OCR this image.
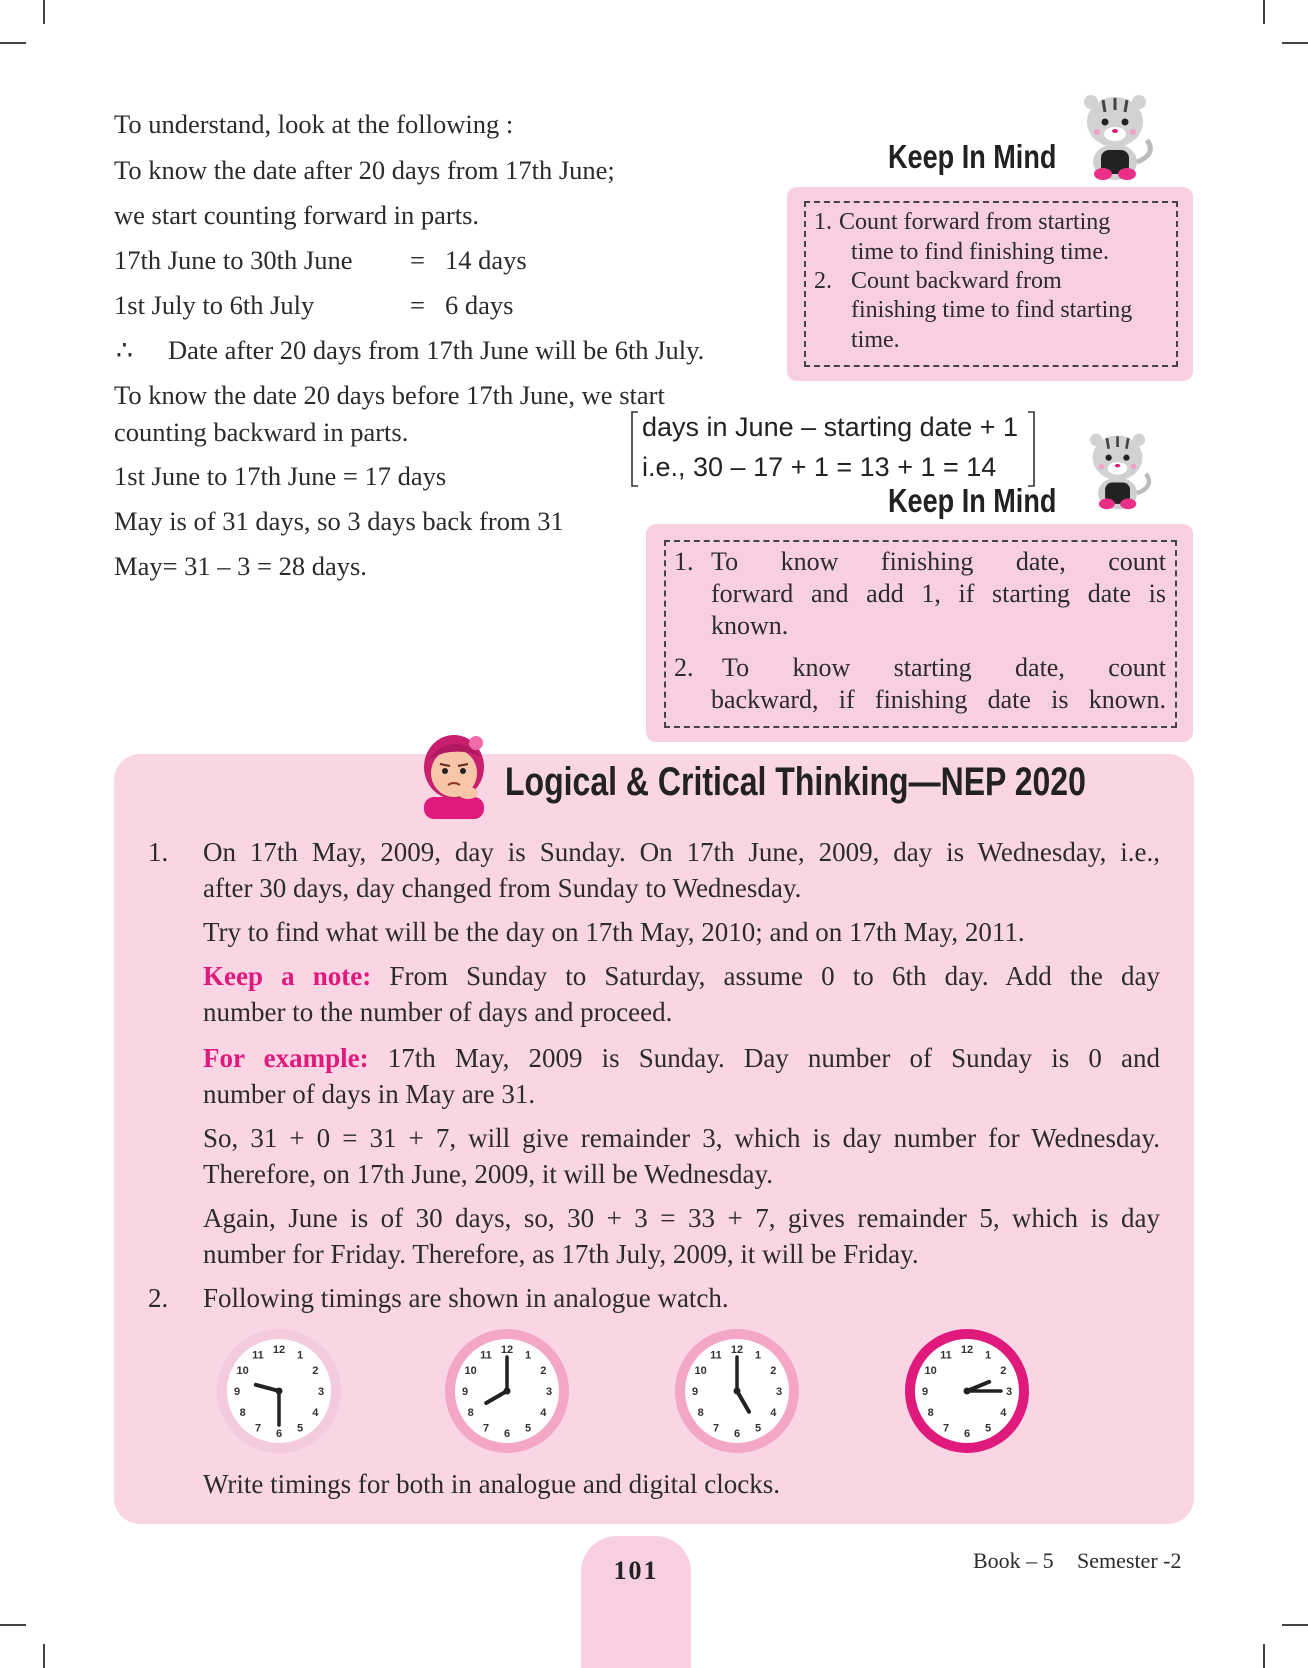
To understand, look at the following :
To know the date after 20 days from 17th June;
we start counting forward in parts.
17th June to 30th June = 14 days
1st July to 6th July	= 6 days
∴ Date after 20 days from 17th June will be 6th July.
To know the date 20 days before 17th June, we start
counting backward in parts.
1st June to 17th June = 17 days
May is of 31 days, so 3 days back from 31
May= 31 – 3 = 28 days.
days in June – starting date + 1
i.e., 30 – 17 + 1 = 13 + 1 = 14
Keep In Mind
1. Count forward from starting
time to find finishing time.
2. Count backward from
finishing time to find starting
time.
Keep In Mind
1. To know finishing date, count
forward and add 1, if starting date is
known.
2. To know starting date, count
backward, if finishing date is known.
Logical & Critical Thinking—NEP 2020
1. On 17th May, 2009, day is Sunday. On 17th June, 2009, day is Wednesday, i.e.,
after 30 days, day changed from Sunday to Wednesday.
Try to find what will be the day on 17th May, 2010; and on 17th May, 2011.
Keep a note: From Sunday to Saturday, assume 0 to 6th day. Add the day
number to the number of days and proceed.
For example: 17th May, 2009 is Sunday. Day number of Sunday is 0 and
number of days in May are 31.
So, 31 + 0 = 31 + 7, will give remainder 3, which is day number for Wednesday.
Therefore, on 17th June, 2009, it will be Wednesday.
Again, June is of 30 days, so, 30 + 3 = 33 + 7, gives remainder 5, which is day
number for Friday. Therefore, as 17th July, 2009, it will be Friday.
2. Following timings are shown in analogue watch.
1
2
3
4
5
6
7
8
9
10
11 12	1
2
3
4
5
6
7
8
9
10
11 12	1
2
3
4
5
6
7
8
9
10
11 12	1
2
3
4
5
6
7
8
9
10
11 12
Write timings for both in analogue and digital clocks.
101	Book – 5 Semester -2
